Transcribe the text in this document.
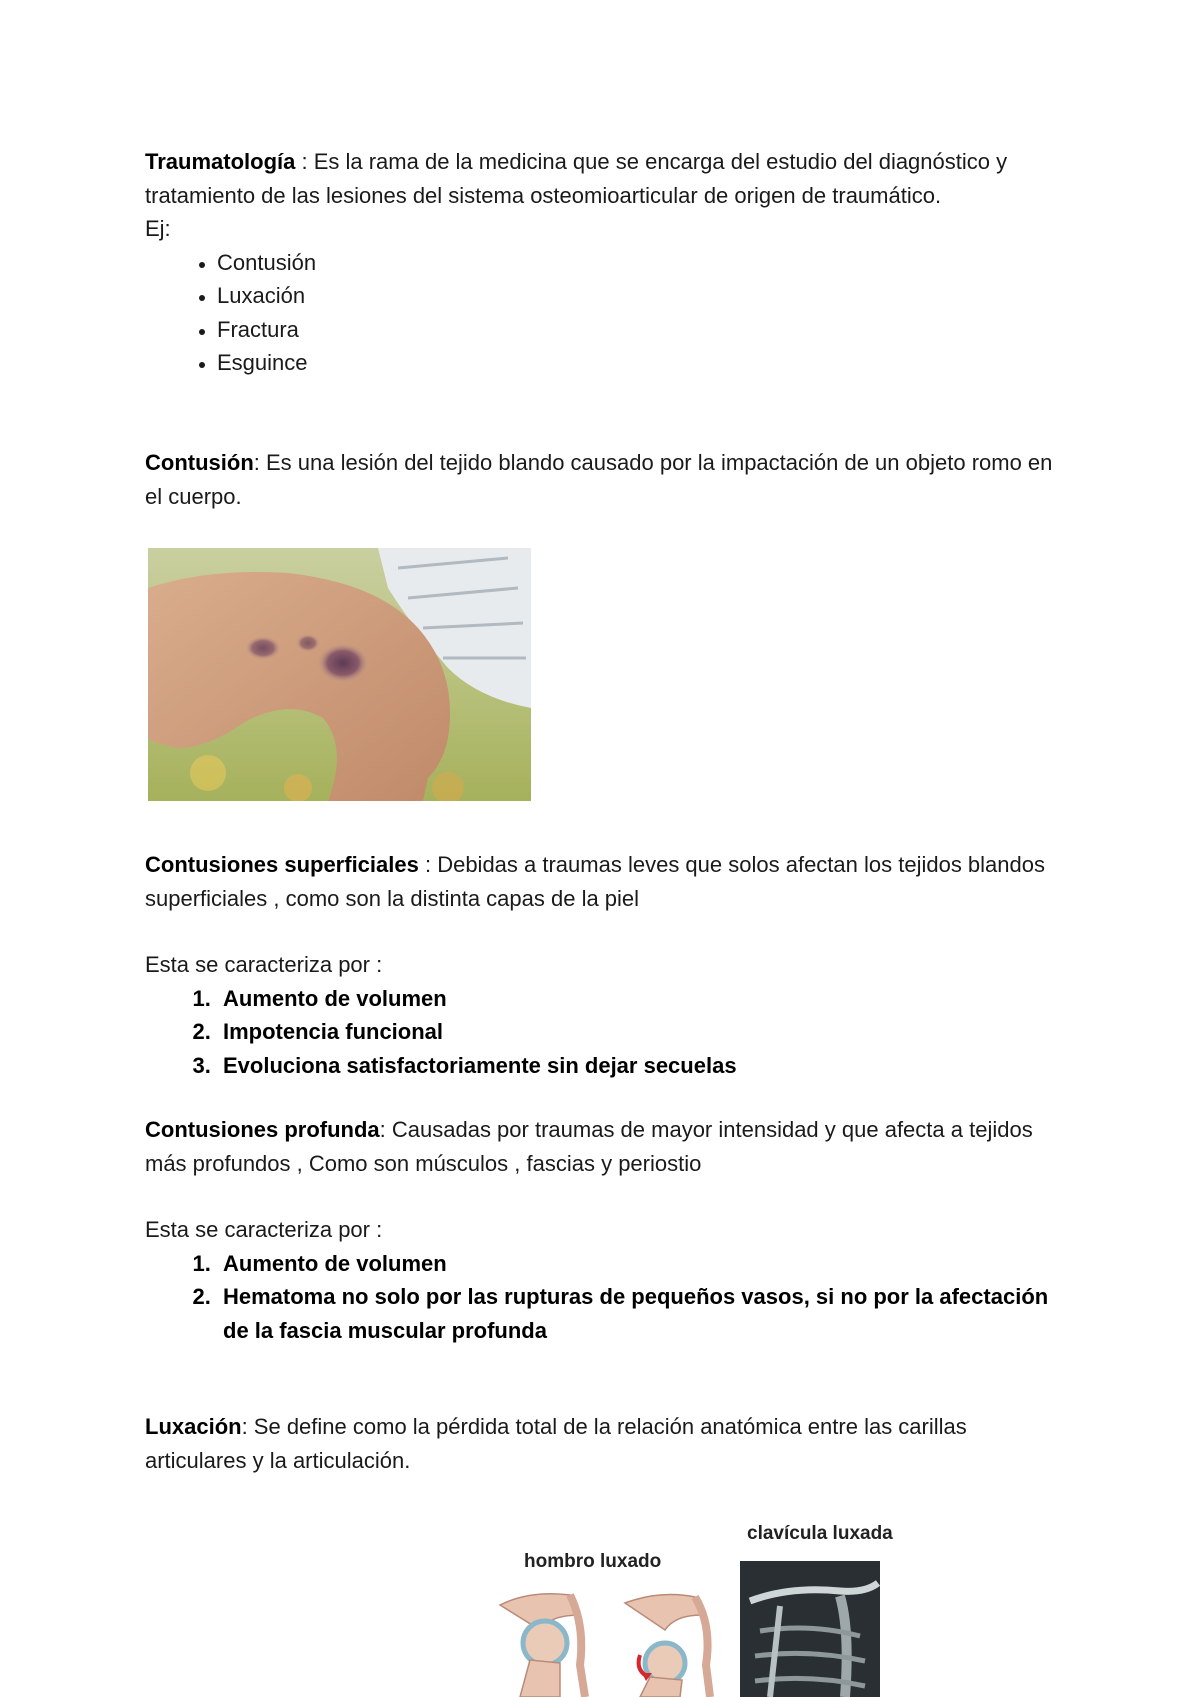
Traumatología : Es la rama de la medicina que se encarga del estudio del diagnóstico y tratamiento de las lesiones del sistema osteomioarticular de origen de traumático.

Ej:

• Contusión
• Luxación
• Fractura
• Esguince

Contusión: Es una lesión del tejido blando causado por la impactación de un objeto romo en el cuerpo.

Contusiones superficiales : Debidas a traumas leves que solos afectan los tejidos blandos superficiales , como son la distinta capas de la piel

Esta se caracteriza por :

1. Aumento de volumen
2. Impotencia funcional
3. Evoluciona satisfactoriamente sin dejar secuelas

Contusiones profunda: Causadas por traumas de mayor intensidad y que afecta a tejidos más profundos , Como son músculos , fascias y periostio

Esta se caracteriza por :

1. Aumento de volumen
2. Hematoma no solo por las rupturas de pequeños vasos, si no por la afectación de la fascia muscular profunda

Luxación: Se define como la pérdida total de la relación anatómica entre las carillas articulares y la articulación.

hombro luxado
clavícula luxada
